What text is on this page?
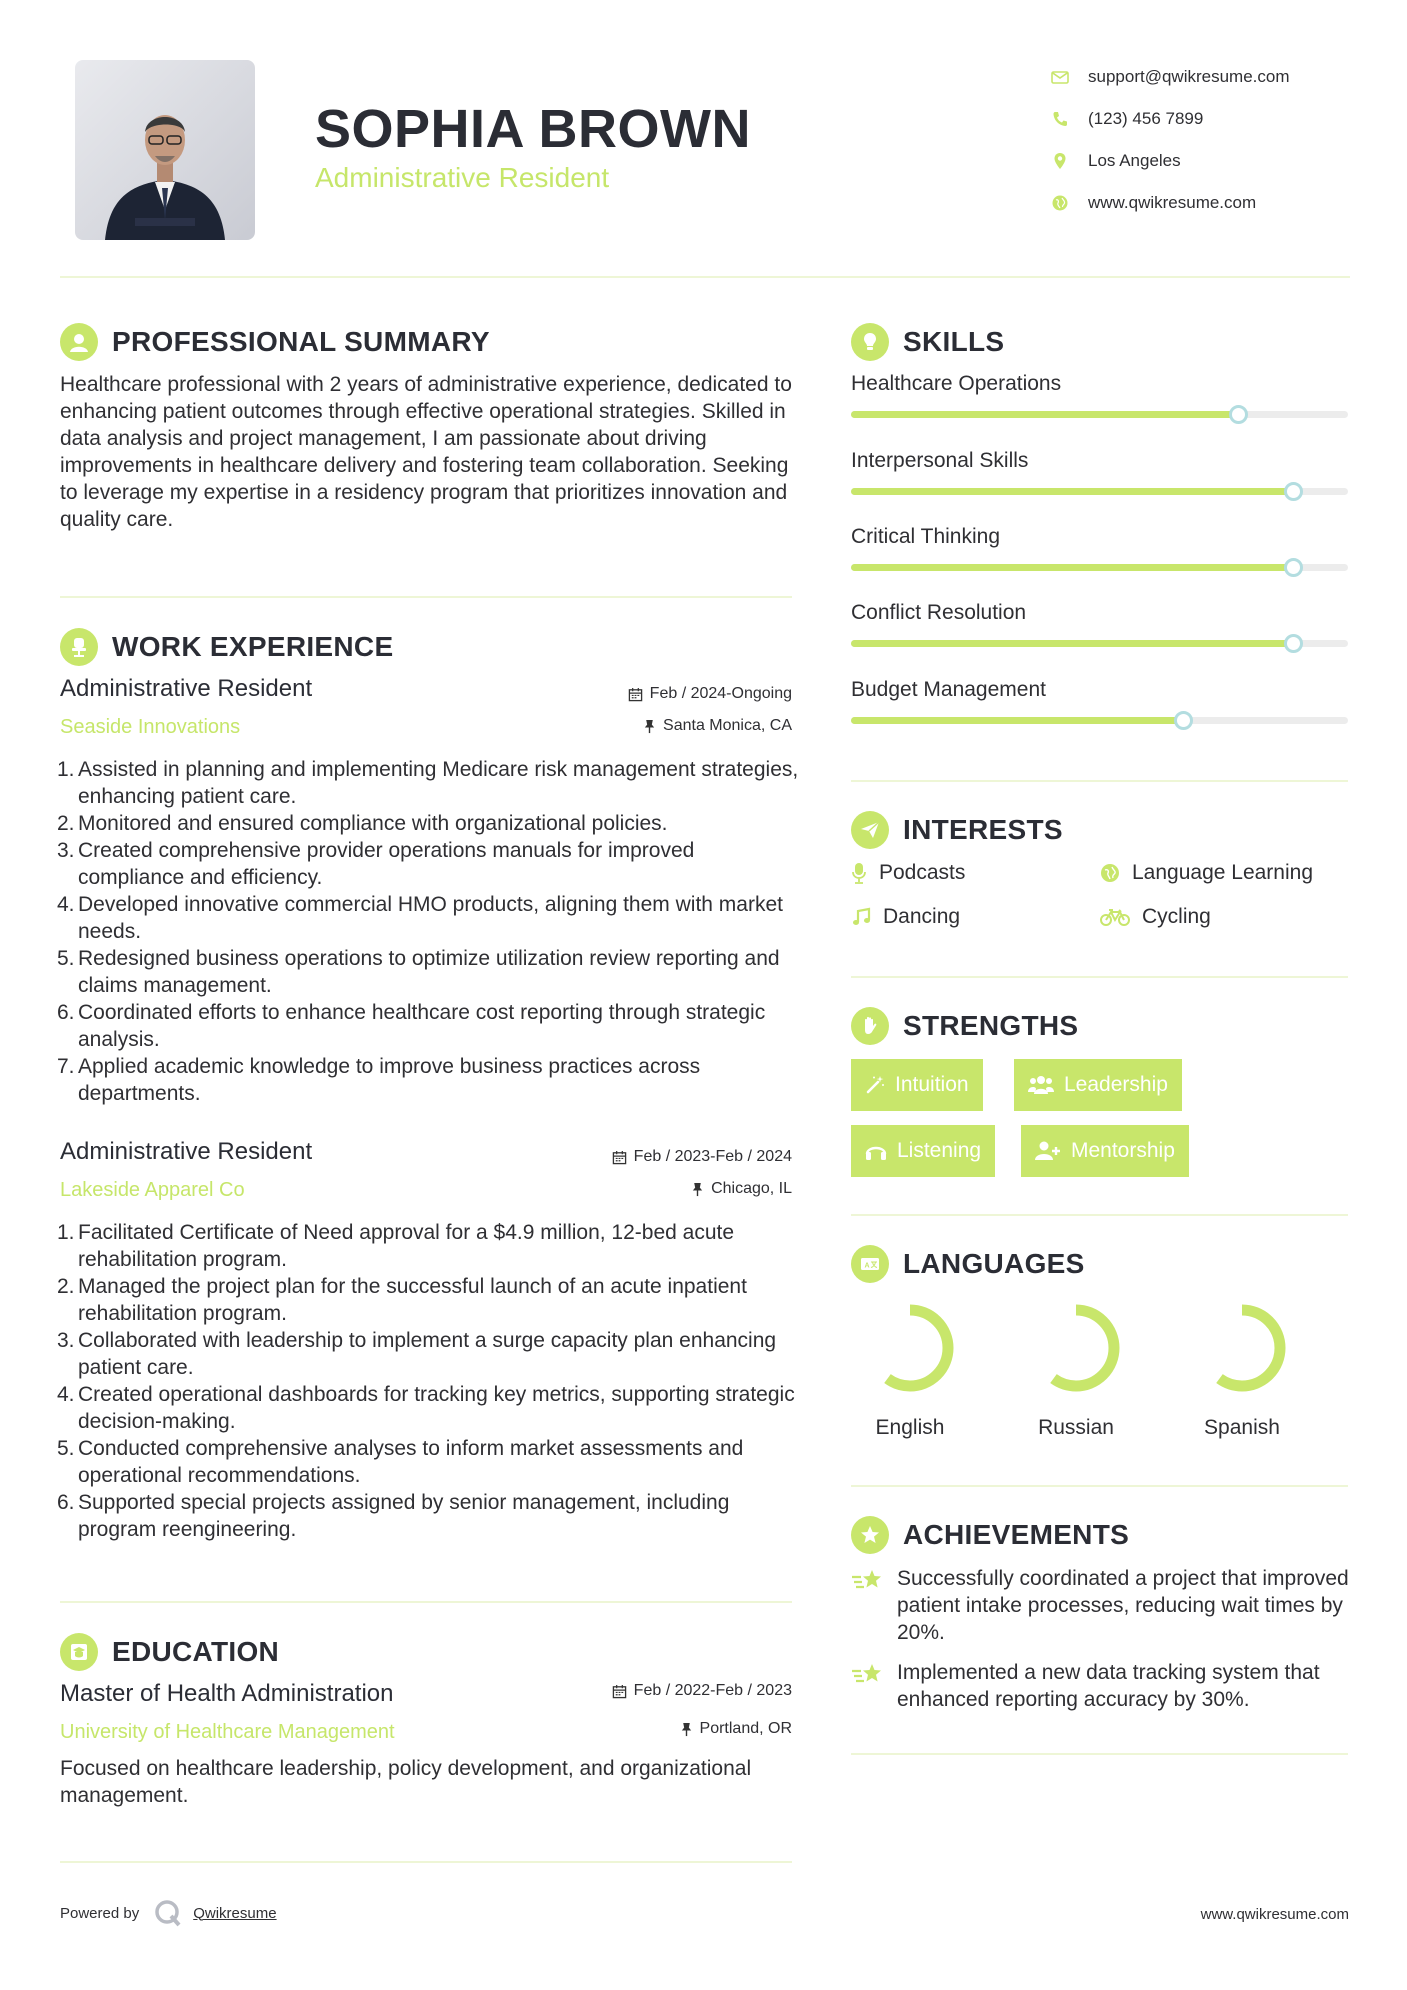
SOPHIA BROWN
Administrative Resident
support@qwikresume.com
(123) 456 7899
Los Angeles
www.qwikresume.com
PROFESSIONAL SUMMARY
Healthcare professional with 2 years of administrative experience, dedicated to enhancing patient outcomes through effective operational strategies. Skilled in data analysis and project management, I am passionate about driving improvements in healthcare delivery and fostering team collaboration. Seeking to leverage my expertise in a residency program that prioritizes innovation and quality care.
WORK EXPERIENCE
Administrative Resident	Feb / 2024-Ongoing
Seaside Innovations	Santa Monica, CA
1. Assisted in planning and implementing Medicare risk management strategies, enhancing patient care.
2. Monitored and ensured compliance with organizational policies.
3. Created comprehensive provider operations manuals for improved compliance and efficiency.
4. Developed innovative commercial HMO products, aligning them with market needs.
5. Redesigned business operations to optimize utilization review reporting and claims management.
6. Coordinated efforts to enhance healthcare cost reporting through strategic analysis.
7. Applied academic knowledge to improve business practices across departments.
Administrative Resident	Feb / 2023-Feb / 2024
Lakeside Apparel Co	Chicago, IL
1. Facilitated Certificate of Need approval for a $4.9 million, 12-bed acute rehabilitation program.
2. Managed the project plan for the successful launch of an acute inpatient rehabilitation program.
3. Collaborated with leadership to implement a surge capacity plan enhancing patient care.
4. Created operational dashboards for tracking key metrics, supporting strategic decision-making.
5. Conducted comprehensive analyses to inform market assessments and operational recommendations.
6. Supported special projects assigned by senior management, including program reengineering.
EDUCATION
Master of Health Administration	Feb / 2022-Feb / 2023
University of Healthcare Management	Portland, OR
Focused on healthcare leadership, policy development, and organizational management.
SKILLS
Healthcare Operations
Interpersonal Skills
Critical Thinking
Conflict Resolution
Budget Management
INTERESTS
Podcasts	Language Learning
Dancing	Cycling
STRENGTHS
Intuition	Leadership
Listening	Mentorship
A LANGUAGES
English	Russian	Spanish
ACHIEVEMENTS
Successfully coordinated a project that improved patient intake processes, reducing wait times by 20%.
Implemented a new data tracking system that enhanced reporting accuracy by 30%.
Powered by	Qwikresume	www.qwikresume.com
